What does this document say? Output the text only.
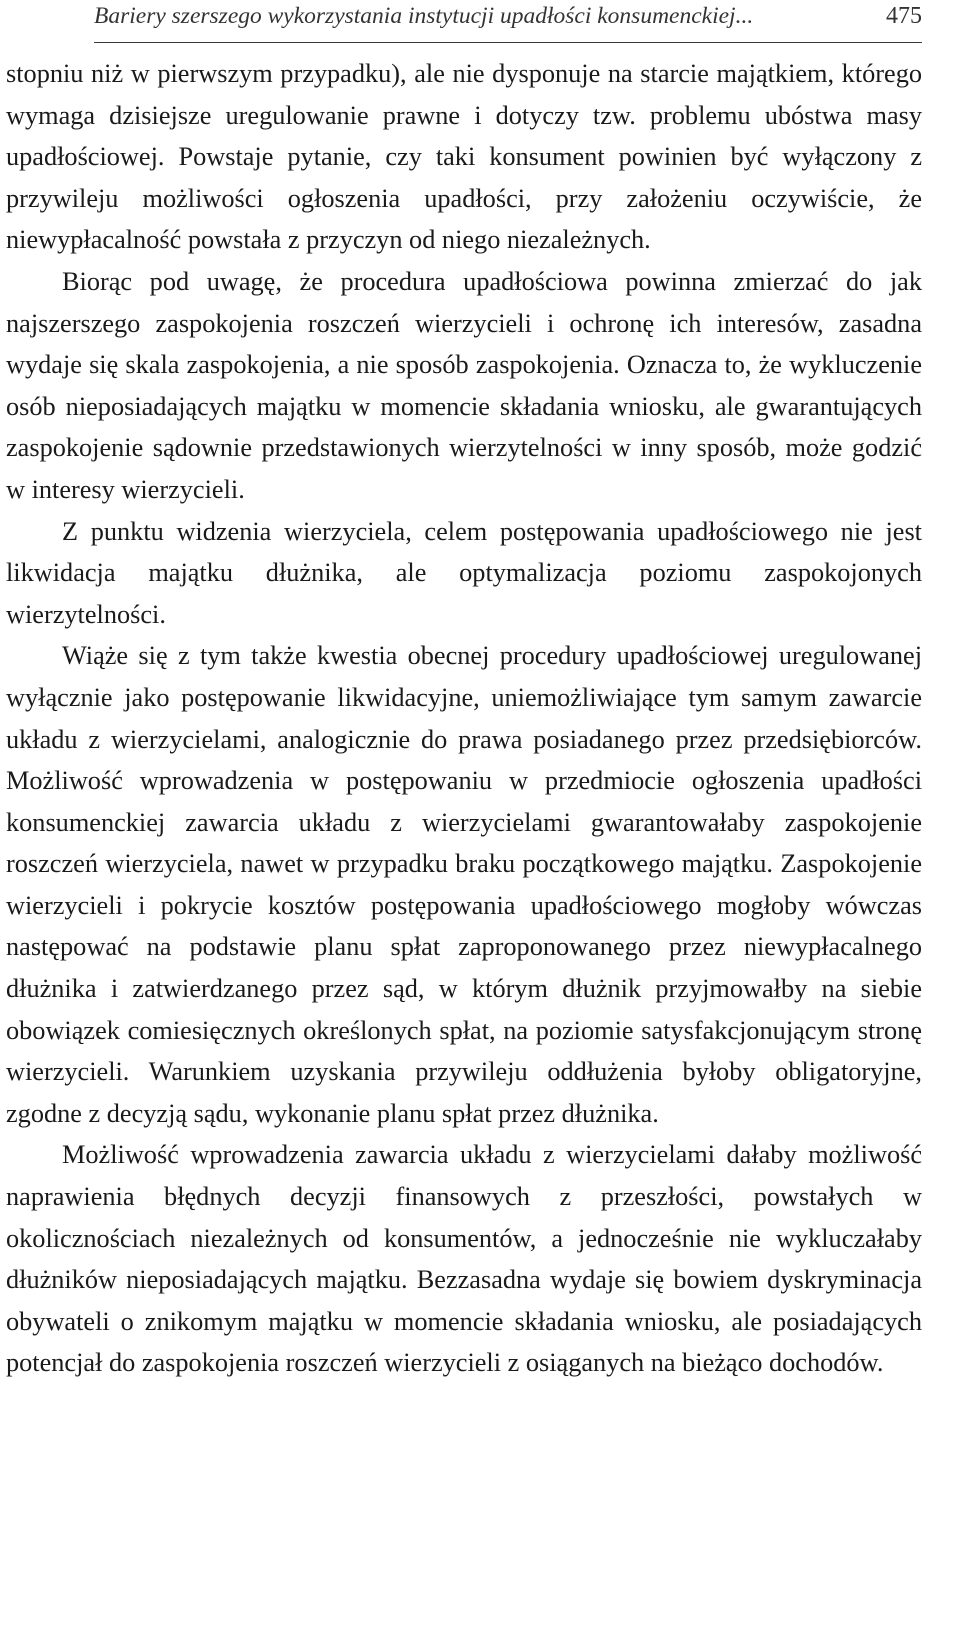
Bariery szerszego wykorzystania instytucji upadłości konsumenckiej...	475

stopniu niż w pierwszym przypadku), ale nie dysponuje na starcie majątkiem, którego wymaga dzisiejsze uregulowanie prawne i dotyczy tzw. problemu ubóstwa masy upadłościowej. Powstaje pytanie, czy taki konsument powinien być wyłączony z przywileju możliwości ogłoszenia upadłości, przy założeniu oczywiście, że niewypłacalność powstała z przyczyn od niego niezależnych.

Biorąc pod uwagę, że procedura upadłościowa powinna zmierzać do jak najszerszego zaspokojenia roszczeń wierzycieli i ochronę ich interesów, zasadna wydaje się skala zaspokojenia, a nie sposób zaspokojenia. Oznacza to, że wykluczenie osób nieposiadających majątku w momencie składania wniosku, ale gwarantujących zaspokojenie sądownie przedstawionych wierzytelności w inny sposób, może godzić w interesy wierzycieli.

Z punktu widzenia wierzyciela, celem postępowania upadłościowego nie jest likwidacja majątku dłużnika, ale optymalizacja poziomu zaspokojonych wierzytelności.

Wiąże się z tym także kwestia obecnej procedury upadłościowej uregulowanej wyłącznie jako postępowanie likwidacyjne, uniemożliwiające tym samym zawarcie układu z wierzycielami, analogicznie do prawa posiadanego przez przedsiębiorców. Możliwość wprowadzenia w postępowaniu w przedmiocie ogłoszenia upadłości konsumenckiej zawarcia układu z wierzycielami gwarantowałaby zaspokojenie roszczeń wierzyciela, nawet w przypadku braku początkowego majątku. Zaspokojenie wierzycieli i pokrycie kosztów postępowania upadłościowego mogłoby wówczas następować na podstawie planu spłat zaproponowanego przez niewypłacalnego dłużnika i zatwierdzanego przez sąd, w którym dłużnik przyjmowałby na siebie obowiązek comiesięcznych określonych spłat, na poziomie satysfakcjonującym stronę wierzycieli. Warunkiem uzyskania przywileju oddłużenia byłoby obligatoryjne, zgodne z decyzją sądu, wykonanie planu spłat przez dłużnika.

Możliwość wprowadzenia zawarcia układu z wierzycielami dałaby możliwość naprawienia błędnych decyzji finansowych z przeszłości, powstałych w okolicznościach niezależnych od konsumentów, a jednocześnie nie wykluczałaby dłużników nieposiadających majątku. Bezzasadna wydaje się bowiem dyskryminacja obywateli o znikomym majątku w momencie składania wniosku, ale posiadających potencjał do zaspokojenia roszczeń wierzycieli z osiąganych na bieżąco dochodów.
